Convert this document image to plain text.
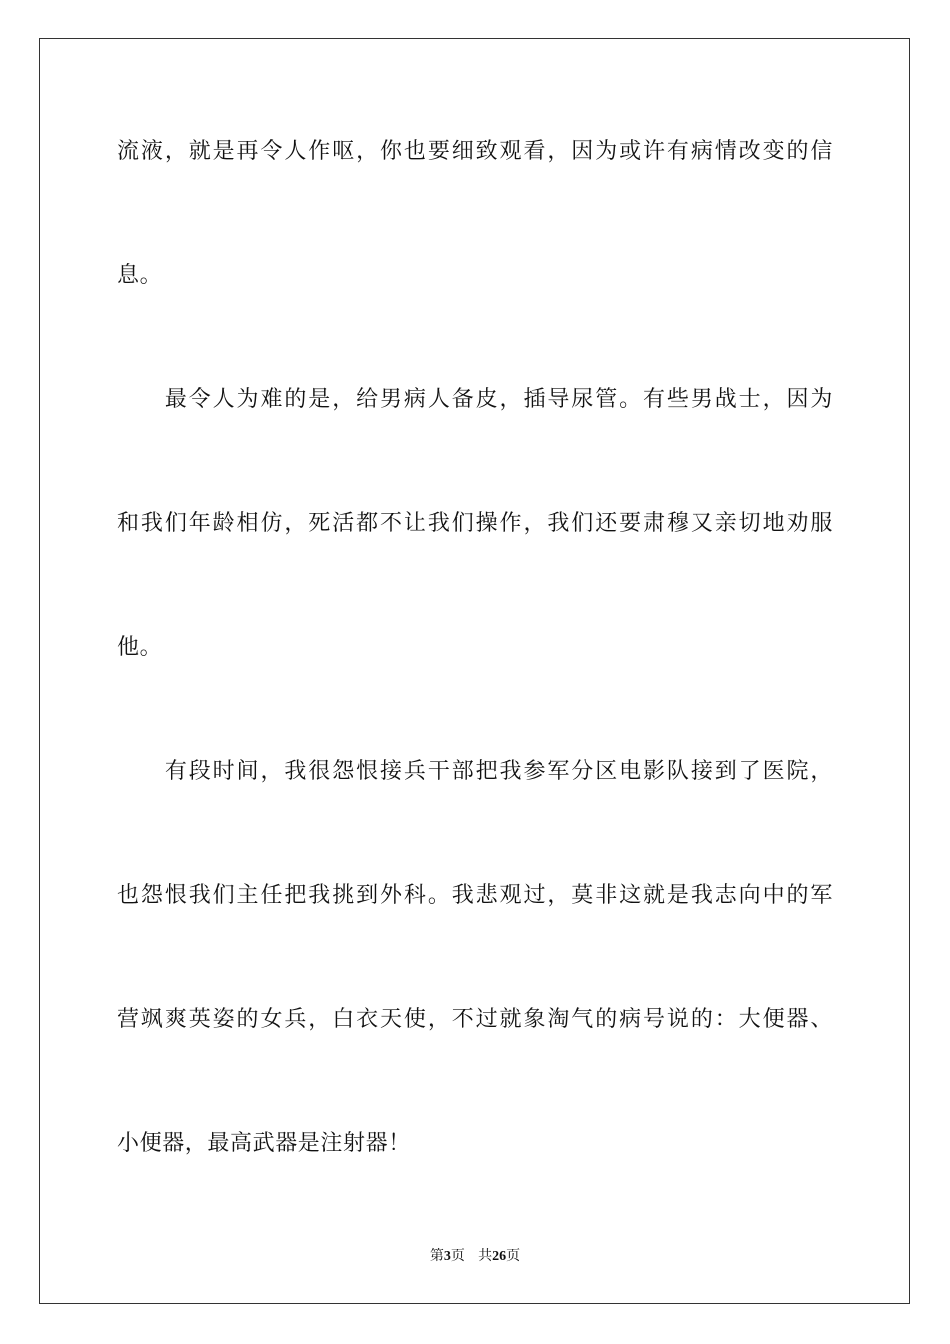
流液，就是再令人作呕，你也要细致观看，因为或许有病情改变的信
息。
　　最令人为难的是，给男病人备皮，插导尿管。有些男战士，因为
和我们年龄相仿，死活都不让我们操作，我们还要肃穆又亲切地劝服
他。
　　有段时间，我很怨恨接兵干部把我参军分区电影队接到了医院，
也怨恨我们主任把我挑到外科。我悲观过，莫非这就是我志向中的军
营飒爽英姿的女兵，白衣天使，不过就象淘气的病号说的：大便器、
小便器，最高武器是注射器！
第3页 共26页
